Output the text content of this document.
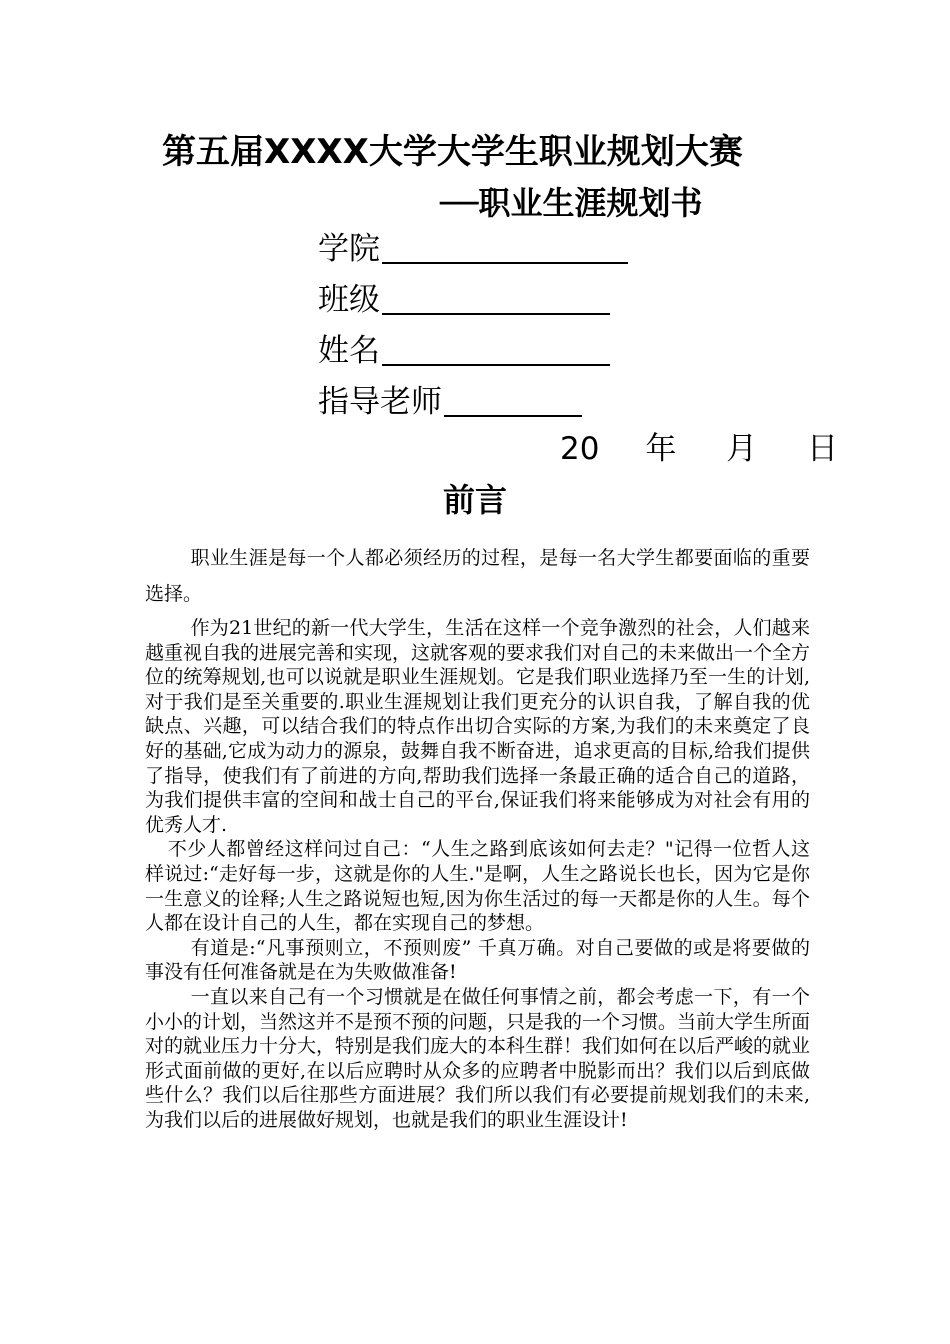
第五届XXXX大学大学生职业规划大赛
──职业生涯规划书
学院
班级
姓名
指导老师
20 年 月 日
前言

职业生涯是每一个人都必须经历的过程，是每一名大学生都要面临的重要选择。

作为21世纪的新一代大学生，生活在这样一个竞争激烈的社会，人们越来越重视自我的进展完善和实现，这就客观的要求我们对自己的未来做出一个全方位的统筹规划,也可以说就是职业生涯规划。它是我们职业选择乃至一生的计划,对于我们是至关重要的.职业生涯规划让我们更充分的认识自我，了解自我的优缺点、兴趣，可以结合我们的特点作出切合实际的方案,为我们的未来奠定了良好的基础,它成为动力的源泉，鼓舞自我不断奋进，追求更高的目标,给我们提供了指导，使我们有了前进的方向,帮助我们选择一条最正确的适合自己的道路，为我们提供丰富的空间和战士自己的平台,保证我们将来能够成为对社会有用的优秀人才.

不少人都曾经这样问过自己：“人生之路到底该如何去走？"记得一位哲人这样说过:“走好每一步，这就是你的人生."是啊，人生之路说长也长，因为它是你一生意义的诠释;人生之路说短也短,因为你生活过的每一天都是你的人生。每个人都在设计自己的人生，都在实现自己的梦想。

有道是:“凡事预则立，不预则废” 千真万确。对自己要做的或是将要做的事没有任何准备就是在为失败做准备!

一直以来自己有一个习惯就是在做任何事情之前，都会考虑一下，有一个小小的计划，当然这并不是预不预的问题，只是我的一个习惯。当前大学生所面对的就业压力十分大，特别是我们庞大的本科生群！我们如何在以后严峻的就业形式面前做的更好,在以后应聘时从众多的应聘者中脱影而出？我们以后到底做些什么？我们以后往那些方面进展？我们所以我们有必要提前规划我们的未来,为我们以后的进展做好规划，也就是我们的职业生涯设计!
